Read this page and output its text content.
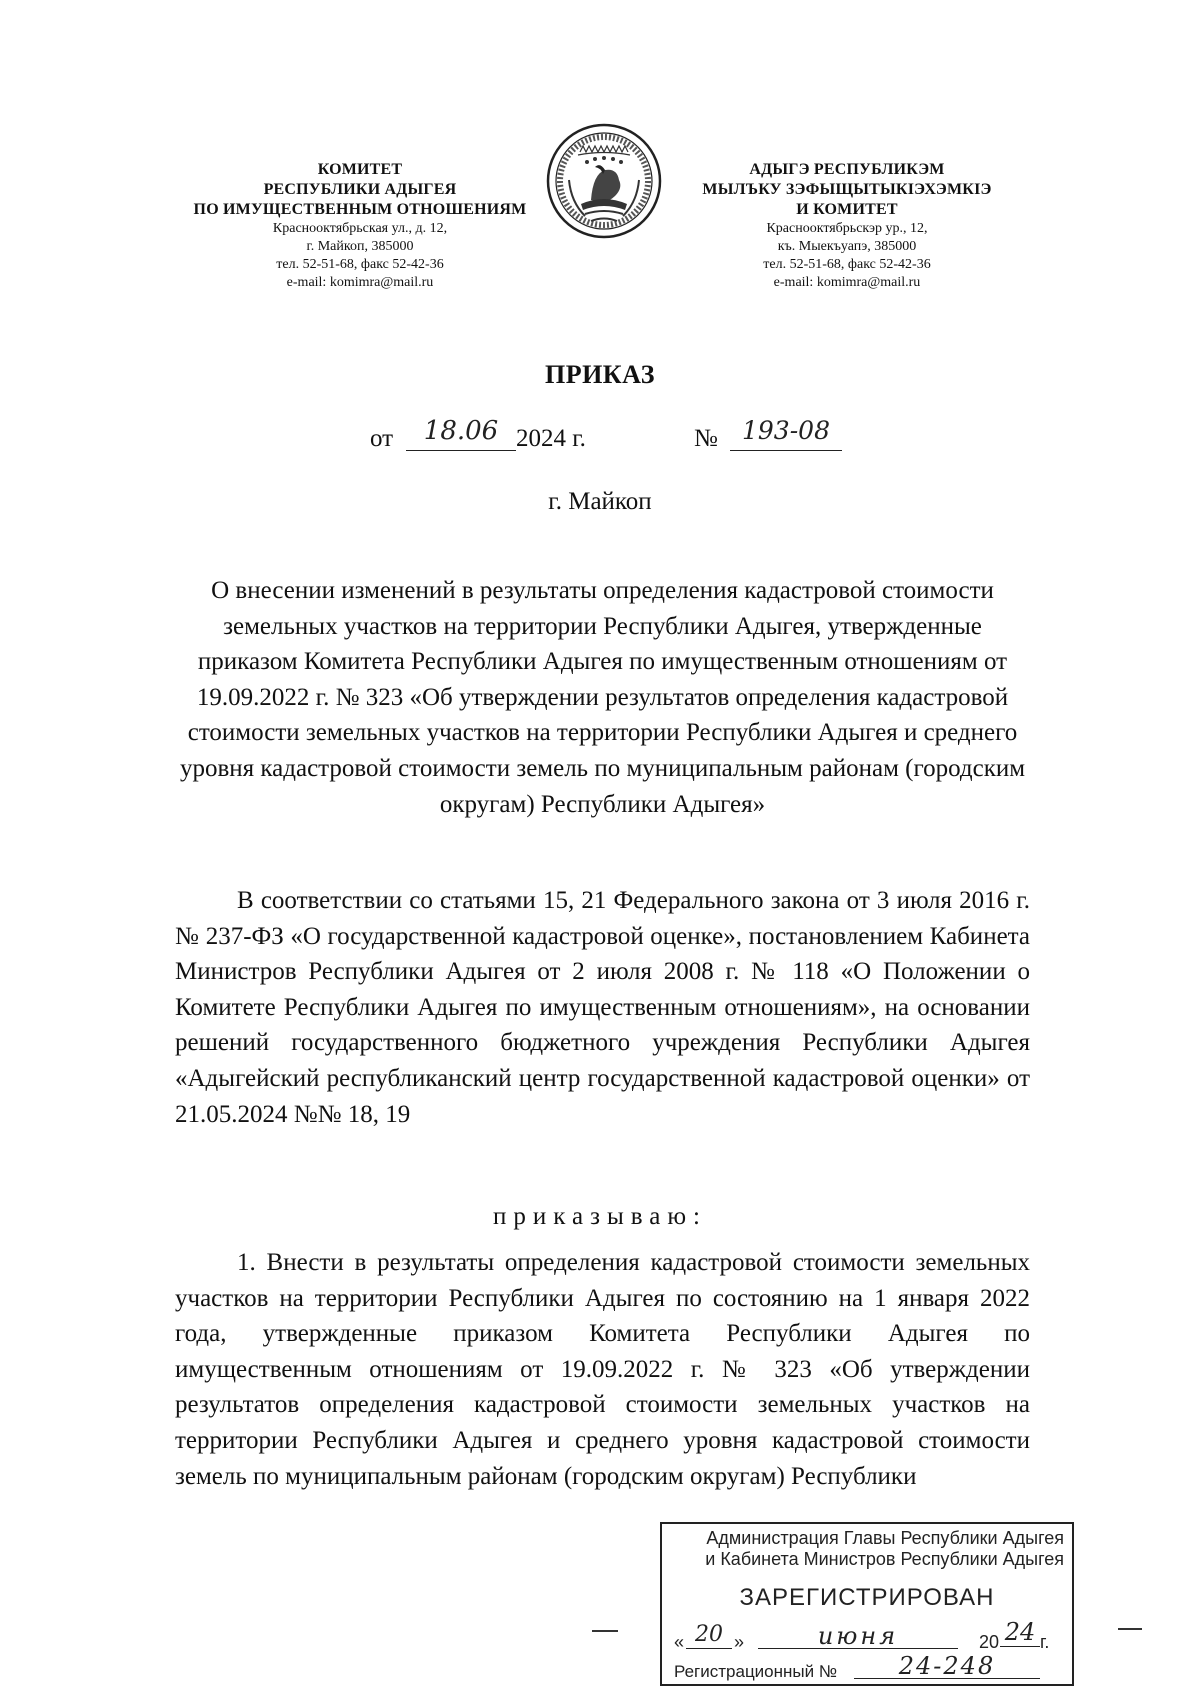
КОМИТЕТ
РЕСПУБЛИКИ АДЫГЕЯ
ПО ИМУЩЕСТВЕННЫМ ОТНОШЕНИЯМ
Краснооктябрьская ул., д. 12,
г. Майкоп, 385000
тел. 52-51-68, факс 52-42-36
e-mail: komimra@mail.ru
АДЫГЭ РЕСПУБЛИКЭМ
МЫЛЪКУ ЗЭФЫЩЫТЫКIЭХЭМКIЭ
И КОМИТЕТ
Краснооктябрьскэр ур., 12,
къ. Мыекъуапэ, 385000
тел. 52-51-68, факс 52-42-36
e-mail: komimra@mail.ru
ПРИКАЗ
от	18.06 2024 г.	№ 193-08
г. Майкоп
О внесении изменений в результаты определения кадастровой стоимости земельных участков на территории Республики Адыгея, утвержденные приказом Комитета Республики Адыгея по имущественным отношениям от 19.09.2022 г. № 323 «Об утверждении результатов определения кадастровой стоимости земельных участков на территории Республики Адыгея и среднего уровня кадастровой стоимости земель по муниципальным районам (городским округам) Республики Адыгея»
В соответствии со статьями 15, 21 Федерального закона от 3 июля 2016 г. № 237-ФЗ «О государственной кадастровой оценке», постановлением Кабинета Министров Республики Адыгея от 2 июля 2008 г. № 118 «О Положении о Комитете Республики Адыгея по имущественным отношениям», на основании решений государственного бюджетного учреждения Республики Адыгея «Адыгейский республиканский центр государственной кадастровой оценки» от 21.05.2024 №№ 18, 19
приказываю:
1. Внести в результаты определения кадастровой стоимости земельных участков на территории Республики Адыгея по состоянию на 1 января 2022 года, утвержденные приказом Комитета Республики Адыгея по имущественным отношениям от 19.09.2022 г. № 323 «Об утверждении результатов определения кадастровой стоимости земельных участков на территории Республики Адыгея и среднего уровня кадастровой стоимости земель по муниципальным районам (городским округам) Республики
Администрация Главы Республики Адыгея
и Кабинета Министров Республики Адыгея
ЗАРЕГИСТРИРОВАН
« 20 »	июня	20 24 г.
Регистрационный №	24-248
